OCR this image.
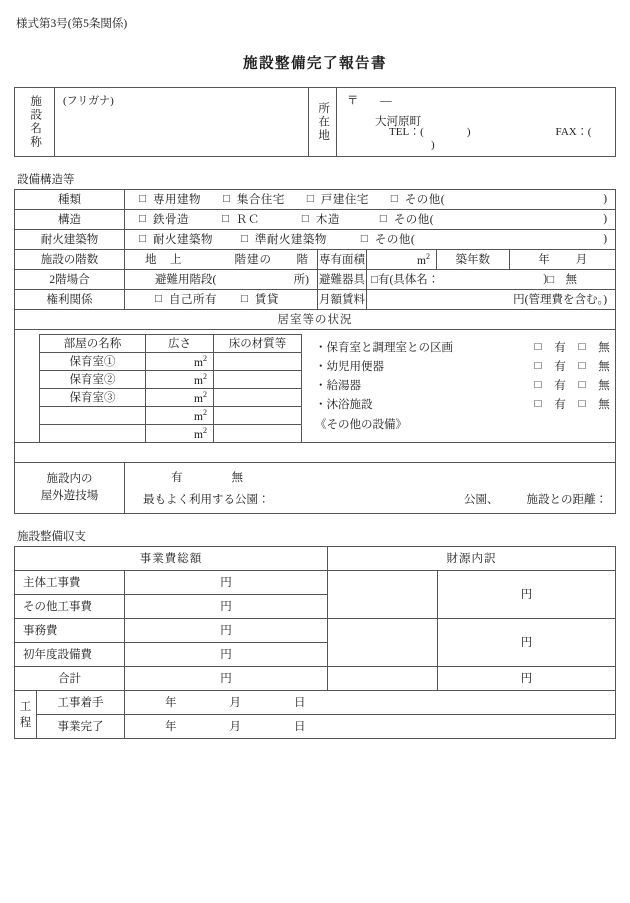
様式第3号(第5条関係)
施設整備完了報告書
施設名称	(フリガナ)

所在地

〒 ―
大河原町
TEL：(	)	FAX：()
設備構造等
種類	□ 専用建物 □ 集合住宅 □ 戸建住宅 □ その他(	)

構造	□ 鉄骨造	□ ＲＣ	□ 木造	□ その他(	)

耐火建築物	□ 耐火建築物 □ 準耐火建築物	□ その他(	)

施設の階数	地　上	階建の 階	専有面積	$m^2$	築年数	年 月

2階場合	避難用階段(	所)	避難器具	□有(具体名：	) □　無

権利関係	□ 自己所有 □ 賃貸	月額賃料	円(管理費を含む。)
居室等の状況

部屋の名称	広さ	床の材質等
保育室①	$m^2$	
保育室②	$m^2$	
保育室③	$m^2$	
	$m^2$	
	$m^2$	
・保育室と調理室との区画	□	有	□	無
・幼児用便器	□	有	□	無
・給湯器	□	有	□	無
・沐浴施設	□	有	□	無
《その他の設備》

施設内の
屋外遊技場

有	無
最もよく利用する公園：	公園、 施設との距離：
施設整備収支
事業費総額			財源内訳	
主体工事費		円		円
その他工事費		円		
事務費		円		円
初年度設備費		円		
合計		円		円

工程	工事着手	年 月 日		

	事業完了	年 月 日		
